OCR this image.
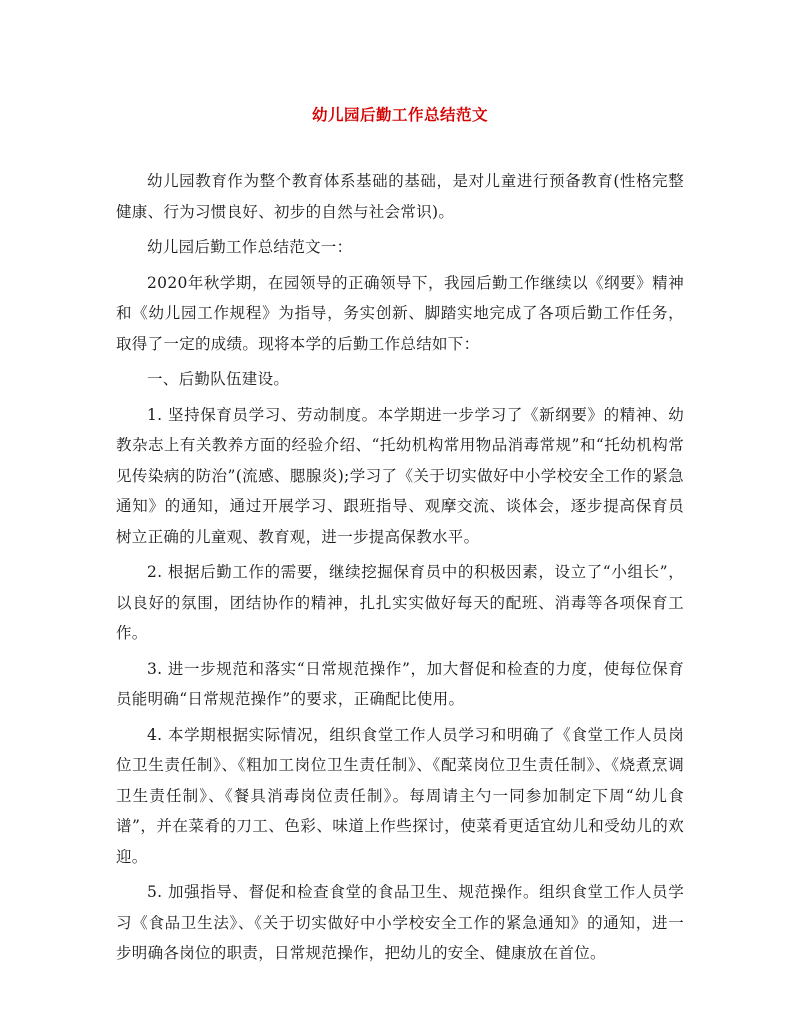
幼儿园后勤工作总结范文

幼儿园教育作为整个教育体系基础的基础，是对儿童进行预备教育(性格完整健康、行为习惯良好、初步的自然与社会常识)。

幼儿园后勤工作总结范文一：

2020年秋学期，在园领导的正确领导下，我园后勤工作继续以《纲要》精神和《幼儿园工作规程》为指导，务实创新、脚踏实地完成了各项后勤工作任务，取得了一定的成绩。现将本学的后勤工作总结如下：

一、后勤队伍建设。

1. 坚持保育员学习、劳动制度。本学期进一步学习了《新纲要》的精神、幼教杂志上有关教养方面的经验介绍、“托幼机构常用物品消毒常规”和“托幼机构常见传染病的防治”(流感、腮腺炎);学习了《关于切实做好中小学校安全工作的紧急通知》的通知，通过开展学习、跟班指导、观摩交流、谈体会，逐步提高保育员树立正确的儿童观、教育观，进一步提高保教水平。

2. 根据后勤工作的需要，继续挖掘保育员中的积极因素，设立了“小组长”，以良好的氛围，团结协作的精神，扎扎实实做好每天的配班、消毒等各项保育工作。

3. 进一步规范和落实“日常规范操作”，加大督促和检查的力度，使每位保育员能明确“日常规范操作”的要求，正确配比使用。

4. 本学期根据实际情况，组织食堂工作人员学习和明确了《食堂工作人员岗位卫生责任制》、《粗加工岗位卫生责任制》、《配菜岗位卫生责任制》、《烧煮烹调卫生责任制》、《餐具消毒岗位责任制》。每周请主勺一同参加制定下周“幼儿食谱”，并在菜肴的刀工、色彩、味道上作些探讨，使菜肴更适宜幼儿和受幼儿的欢迎。

5. 加强指导、督促和检查食堂的食品卫生、规范操作。组织食堂工作人员学习《食品卫生法》、《关于切实做好中小学校安全工作的紧急通知》的通知，进一步明确各岗位的职责，日常规范操作，把幼儿的安全、健康放在首位。
